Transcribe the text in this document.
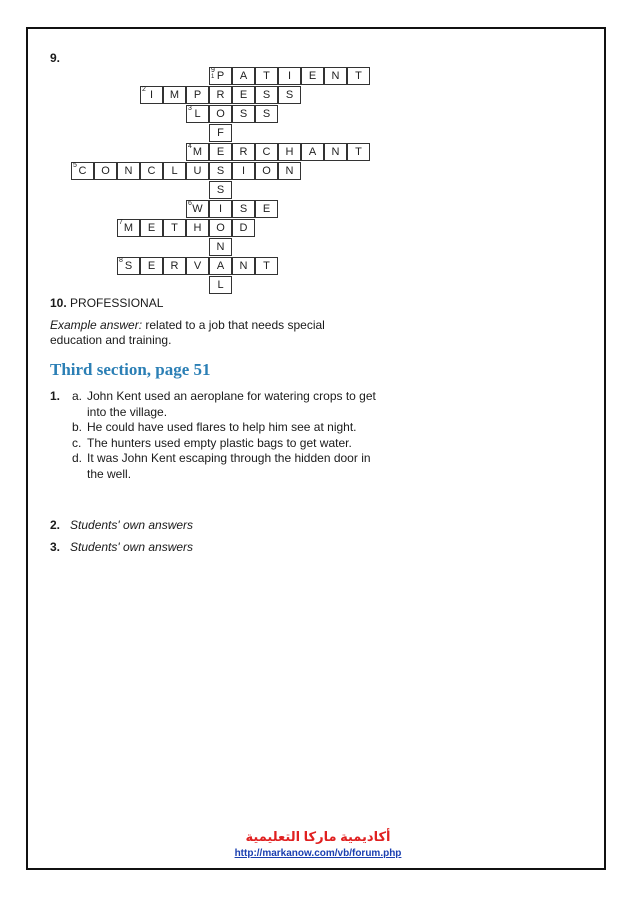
9.
P
9
1	A	T	I	E	N	T
I
2	M	P	R	E	S	S
L
3	O	S	S
F
M
4	E	R	C	H	A	N	T
C
5	O	N	C	L	U	S	I	O	N
S
W
6	I	S	E
M
7	E	T	H	O	D
N
S
8	E	R	V	A	N	T
L
10. PROFESSIONAL
Example answer: related to a job that needs special education and training.
Third section, page 51
1. a. John Kent used an aeroplane for watering crops to get into the village.
b. He could have used flares to help him see at night.
c. The hunters used empty plastic bags to get water.
d. It was John Kent escaping through the hidden door in the well.
2. Students' own answers
3. Students' own answers
أكاديمية ماركا التعليمية
http://markanow.com/vb/forum.php
